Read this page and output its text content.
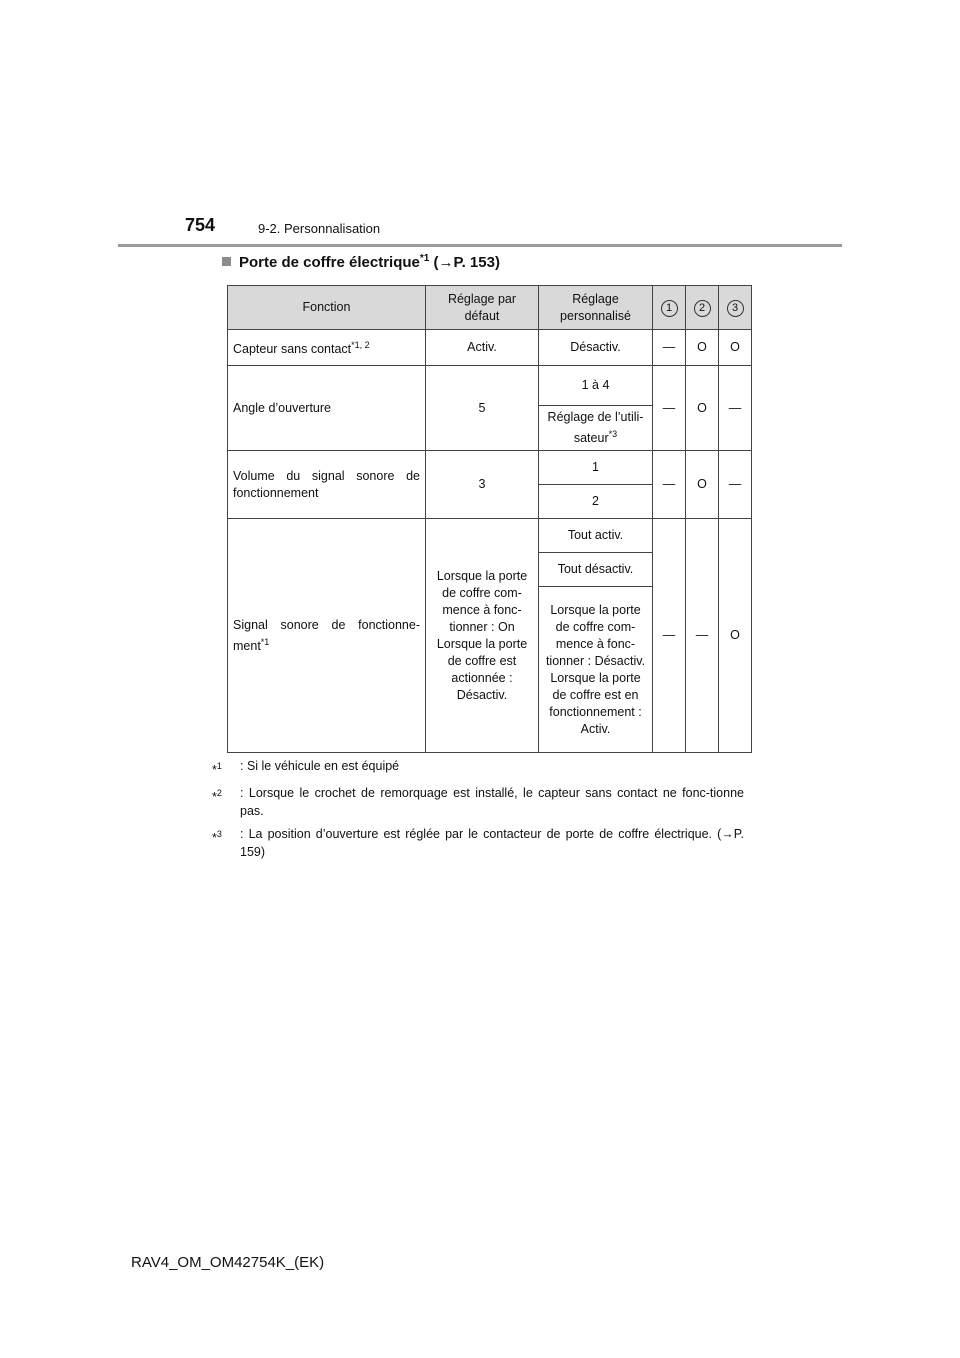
754	9-2. Personnalisation
Porte de coffre électrique$^{*1}$ (→P. 153)
Fonction	Réglage par défaut	Réglage personnalisé	1	2	3
Capteur sans contact$^{*1, 2}$	Activ.	Désactiv.	—	O	O
Angle d’ouverture	5	1 à 4	—	O	—
		Réglage de l’utili-sateur$^{*3}$
Volume du signal sonore de fonctionnement	3	1	—	O	—
		2			
Signal sonore de fonctionne-ment$^{*1}$	Lorsque la porte de coffre com-mence à fonc-tionner : On Lorsque la porte de coffre est actionnée : Désactiv.	Tout activ.	—	—	O
		Tout désactiv.			
		Lorsque la porte de coffre com-mence à fonc-tionner : Désactiv. Lorsque la porte de coffre est en fonctionnement : Activ.			
*$^1$	: Si le véhicule en est équipé
*$^2$	: Lorsque le crochet de remorquage est installé, le capteur sans contact ne fonc-tionne pas.
*$^3$	: La position d’ouverture est réglée par le contacteur de porte de coffre électrique. (→P. 159)
RAV4_OM_OM42754K_(EK)
